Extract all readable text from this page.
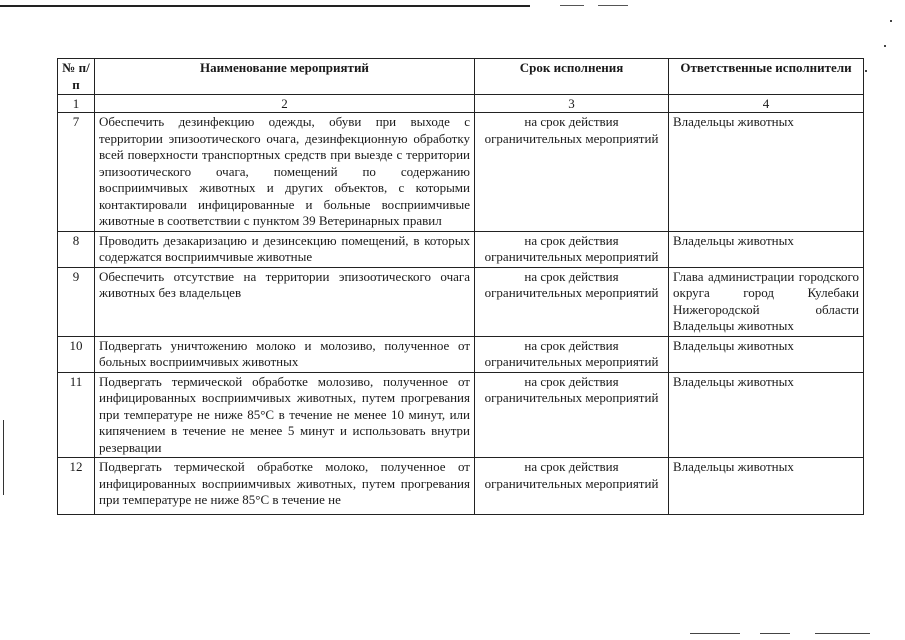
№ п/п	Наименование мероприятий	Срок исполнения	Ответственные исполнители
1	2	3	4
7	Обеспечить дезинфекцию одежды, обуви при выходе с территории эпизоотического очага, дезинфекционную обработку всей поверхности транспортных средств при выезде с территории эпизоотического очага, помещений по содержанию восприимчивых животных и других объектов, с которыми контактировали инфицированные и больные восприимчивые животные в соответствии с пунктом 39 Ветеринарных правил	на срок действия ограничительных мероприятий	Владельцы животных

8	Проводить дезакаризацию и дезинсекцию помещений, в которых содержатся восприимчивые животные	на срок действия ограничительных мероприятий	Владельцы животных

9	Обеспечить отсутствие на территории эпизоотического очага животных без владельцев	на срок действия ограничительных мероприятий	Глава администрации городского округа город Кулебаки Нижегородской области
Владельцы животных

10	Подвергать уничтожению молоко и молозиво, полученное от больных восприимчивых животных	на срок действия ограничительных мероприятий	Владельцы животных

11	Подвергать термической обработке молозиво, полученное от инфицированных восприимчивых животных, путем прогревания при температуре не ниже 85°С в течение не менее 10 минут, или кипячением в течение не менее 5 минут и использовать внутри резервации	на срок действия ограничительных мероприятий	Владельцы животных

12	Подвергать термической обработке молоко, полученное от инфицированных восприимчивых животных, путем прогревания при температуре не ниже 85°С в течение не	на срок действия ограничительных мероприятий	Владельцы животных
